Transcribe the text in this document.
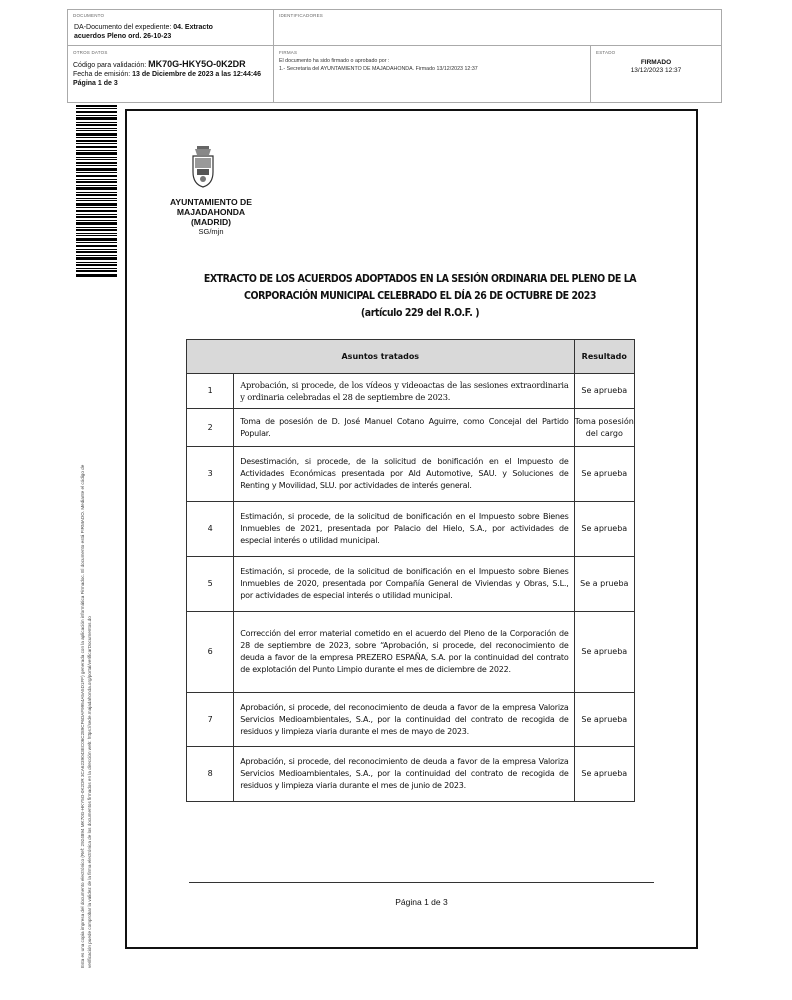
DOCUMENTO
DA-Documento del expediente: 04. Extracto
acuerdos Pleno ord. 26-10-23
IDENTIFICADORES
OTROS DATOS
Código para validación: MK70G-HKY5O-0K2DR
Fecha de emisión: 13 de Diciembre de 2023 a las 12:44:46
Página 1 de 3
FIRMAS
El documento ha sido firmado o aprobado por :
1.- Secretaria del AYUNTAMIENTO DE MAJADAHONDA. Firmado 13/12/2023 12:37
ESTADO
FIRMADO
13/12/2023 12:37
Esta es una copia impresa del documento electrónico (Ref: 2924894 MK70G-HKY5O-0K2DR 3CA6239043EC06C289CF6DAF9954A5A5D1FF) generada con la aplicación informática Firmadoc. El documento está FIRMADO. Mediante el código de verificación puede comprobar la validez de la firma electrónica de los documentos firmados en la dirección web: https://sede.majadahonda.org/portal/verificarDocumentos.do
AYUNTAMIENTO DE
MAJADAHONDA
(MADRID)
SG/mjn
EXTRACTO DE LOS ACUERDOS ADOPTADOS EN LA SESIÓN ORDINARIA DEL PLENO DE LA
CORPORACIÓN MUNICIPAL CELEBRADO EL DÍA 26 DE OCTUBRE DE 2023
(artículo 229 del R.O.F. )
Asuntos tratados		Resultado
1	Aprobación, si procede, de los vídeos y videoactas de las sesiones extraordinaria y ordinaria celebradas el 28 de septiembre de 2023.	Se aprueba
2	Toma de posesión de D. José Manuel Cotano Aguirre, como Concejal del Partido Popular.	Toma posesión del cargo
3	Desestimación, si procede, de la solicitud de bonificación en el Impuesto de Actividades Económicas presentada por Ald Automotive, SAU. y Soluciones de Renting y Movilidad, SLU. por actividades de interés general.	Se aprueba
4	Estimación, si procede, de la solicitud de bonificación en el Impuesto sobre Bienes Inmuebles de 2021, presentada por Palacio del Hielo, S.A., por actividades de especial interés o utilidad municipal.	Se aprueba
5	Estimación, si procede, de la solicitud de bonificación en el Impuesto sobre Bienes Inmuebles de 2020, presentada por Compañía General de Viviendas y Obras, S.L., por actividades de especial interés o utilidad municipal.	Se a prueba
6	Corrección del error material cometido en el acuerdo del Pleno de la Corporación de 28 de septiembre de 2023, sobre “Aprobación, si procede, del reconocimiento de deuda a favor de la empresa PREZERO ESPAÑA, S.A. por la continuidad del contrato de explotación del Punto Limpio durante el mes de diciembre de 2022.	Se aprueba
7	Aprobación, si procede, del reconocimiento de deuda a favor de la empresa Valoriza Servicios Medioambientales, S.A., por la continuidad del contrato de recogida de residuos y limpieza viaria durante el mes de mayo de 2023.	Se aprueba
8	Aprobación, si procede, del reconocimiento de deuda a favor de la empresa Valoriza Servicios Medioambientales, S.A., por la continuidad del contrato de recogida de residuos y limpieza viaria durante el mes de junio de 2023.	Se aprueba
Página 1 de 3
